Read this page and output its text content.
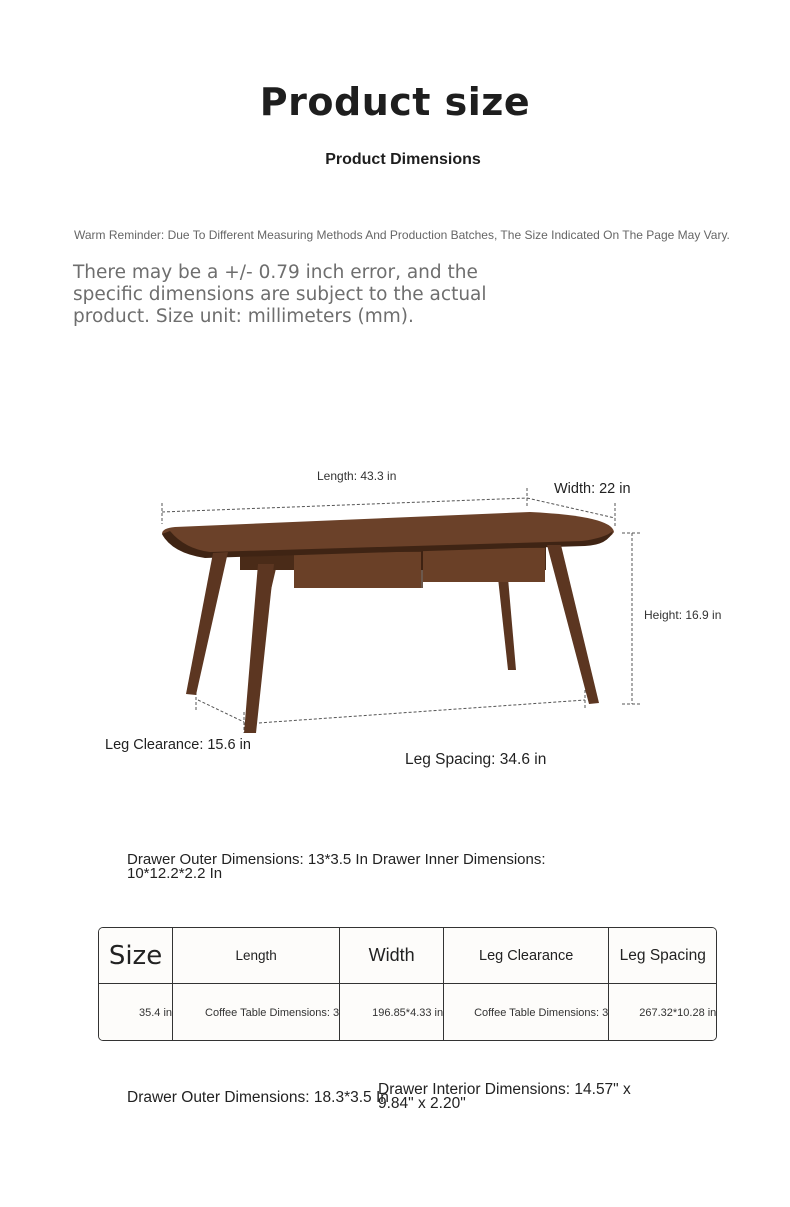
Product size
Product Dimensions
Warm Reminder: Due To Different Measuring Methods And Production Batches, The Size Indicated On The Page May Vary.
There may be a +/- 0.79 inch error, and the specific dimensions are subject to the actual product. Size unit: millimeters (mm).
Length: 43.3 in
Width: 22 in
Height: 16.9 in
Leg Clearance: 15.6 in
Leg Spacing: 34.6 in
Drawer Outer Dimensions: 13*3.5 In Drawer Inner Dimensions: 10*12.2*2.2 In
Size	Length	Width	Leg Clearance	Leg Spacing
35.4 in	Coffee Table Dimensions: 3	196.85*4.33 in	Coffee Table Dimensions: 3	267.32*10.28 in
Drawer Outer Dimensions: 18.3*3.5 In
Drawer Interior Dimensions: 14.57" x 9.84" x 2.20"
